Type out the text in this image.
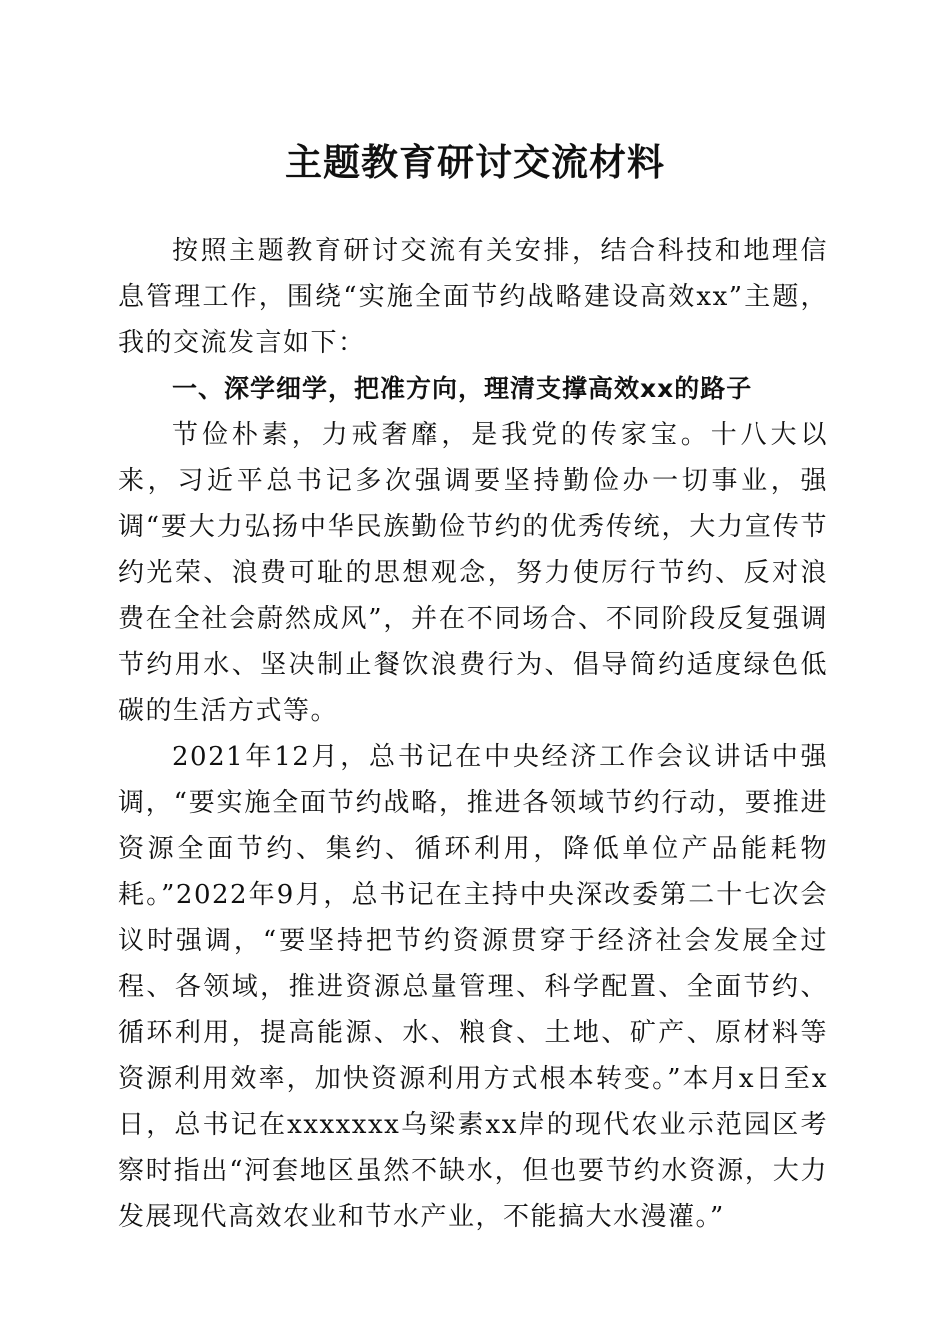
主题教育研讨交流材料

按照主题教育研讨交流有关安排，结合科技和地理信息管理工作，围绕“实施全面节约战略建设高效xx”主题，我的交流发言如下：

一、深学细学，把准方向，理清支撑高效xx的路子

节俭朴素，力戒奢靡，是我党的传家宝。十八大以来，习近平总书记多次强调要坚持勤俭办一切事业，强调“要大力弘扬中华民族勤俭节约的优秀传统，大力宣传节约光荣、浪费可耻的思想观念，努力使厉行节约、反对浪费在全社会蔚然成风”，并在不同场合、不同阶段反复强调节约用水、坚决制止餐饮浪费行为、倡导简约适度绿色低碳的生活方式等。

2021年12月，总书记在中央经济工作会议讲话中强调，“要实施全面节约战略，推进各领域节约行动，要推进资源全面节约、集约、循环利用，降低单位产品能耗物耗。”2022年9月，总书记在主持中央深改委第二十七次会议时强调，“要坚持把节约资源贯穿于经济社会发展全过程、各领域，推进资源总量管理、科学配置、全面节约、循环利用，提高能源、水、粮食、土地、矿产、原材料等资源利用效率，加快资源利用方式根本转变。”本月x日至x日，总书记在xxxxxxx乌梁素xx岸的现代农业示范园区考察时指出“河套地区虽然不缺水，但也要节约水资源，大力发展现代高效农业和节水产业，不能搞大水漫灌。”
